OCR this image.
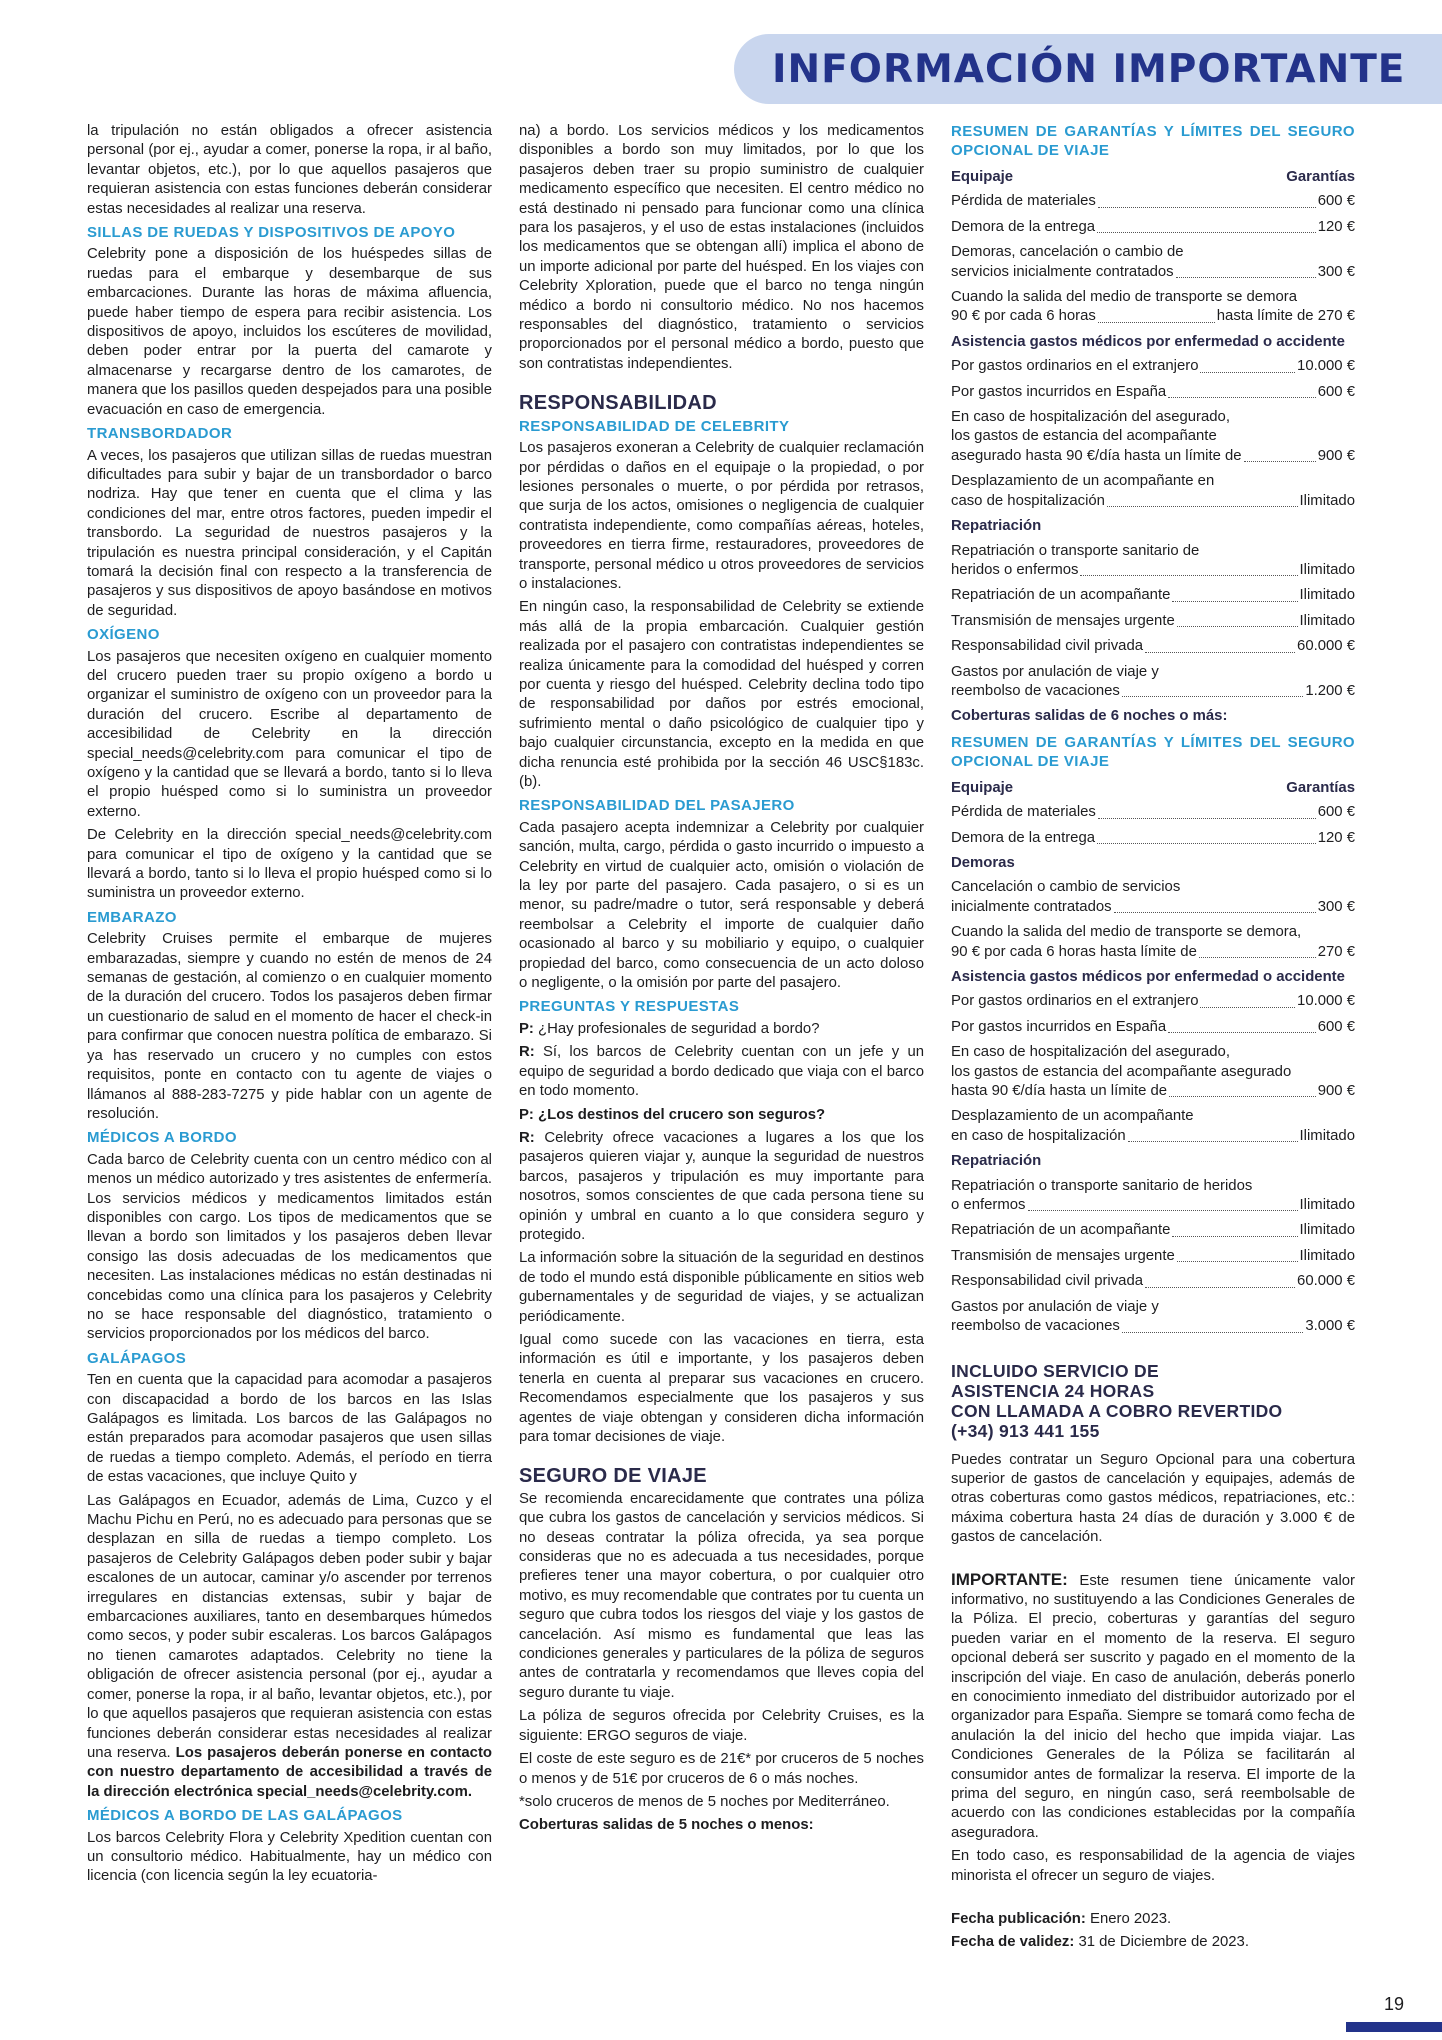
INFORMACIÓN IMPORTANTE

la tripulación no están obligados a ofrecer asistencia personal (por ej., ayudar a comer, ponerse la ropa, ir al baño, levantar objetos, etc.), por lo que aquellos pasajeros que requieran asistencia con estas funciones deberán considerar estas necesidades al realizar una reserva.

SILLAS DE RUEDAS Y DISPOSITIVOS DE APOYO

Celebrity pone a disposición de los huéspedes sillas de ruedas para el embarque y desembarque de sus embarcaciones. Durante las horas de máxima afluencia, puede haber tiempo de espera para recibir asistencia. Los dispositivos de apoyo, incluidos los escúteres de movilidad, deben poder entrar por la puerta del camarote y almacenarse y recargarse dentro de los camarotes, de manera que los pasillos queden despejados para una posible evacuación en caso de emergencia.

TRANSBORDADOR

A veces, los pasajeros que utilizan sillas de ruedas muestran dificultades para subir y bajar de un transbordador o barco nodriza. Hay que tener en cuenta que el clima y las condiciones del mar, entre otros factores, pueden impedir el transbordo. La seguridad de nuestros pasajeros y la tripulación es nuestra principal consideración, y el Capitán tomará la decisión final con respecto a la transferencia de pasajeros y sus dispositivos de apoyo basándose en motivos de seguridad.

OXÍGENO

Los pasajeros que necesiten oxígeno en cualquier momento del crucero pueden traer su propio oxígeno a bordo u organizar el suministro de oxígeno con un proveedor para la duración del crucero. Escribe al departamento de accesibilidad de Celebrity en la dirección special_needs@celebrity.com para comunicar el tipo de oxígeno y la cantidad que se llevará a bordo, tanto si lo lleva el propio huésped como si lo suministra un proveedor externo.

De Celebrity en la dirección special_needs@celebrity.com para comunicar el tipo de oxígeno y la cantidad que se llevará a bordo, tanto si lo lleva el propio huésped como si lo suministra un proveedor externo.

EMBARAZO

Celebrity Cruises permite el embarque de mujeres embarazadas, siempre y cuando no estén de menos de 24 semanas de gestación, al comienzo o en cualquier momento de la duración del crucero. Todos los pasajeros deben firmar un cuestionario de salud en el momento de hacer el check-in para confirmar que conocen nuestra política de embarazo. Si ya has reservado un crucero y no cumples con estos requisitos, ponte en contacto con tu agente de viajes o llámanos al 888-283-7275 y pide hablar con un agente de resolución.

MÉDICOS A BORDO

Cada barco de Celebrity cuenta con un centro médico con al menos un médico autorizado y tres asistentes de enfermería. Los servicios médicos y medicamentos limitados están disponibles con cargo. Los tipos de medicamentos que se llevan a bordo son limitados y los pasajeros deben llevar consigo las dosis adecuadas de los medicamentos que necesiten. Las instalaciones médicas no están destinadas ni concebidas como una clínica para los pasajeros y Celebrity no se hace responsable del diagnóstico, tratamiento o servicios proporcionados por los médicos del barco.

GALÁPAGOS

Ten en cuenta que la capacidad para acomodar a pasajeros con discapacidad a bordo de los barcos en las Islas Galápagos es limitada. Los barcos de las Galápagos no están preparados para acomodar pasajeros que usen sillas de ruedas a tiempo completo. Además, el período en tierra de estas vacaciones, que incluye Quito y

Las Galápagos en Ecuador, además de Lima, Cuzco y el Machu Pichu en Perú, no es adecuado para personas que se desplazan en silla de ruedas a tiempo completo. Los pasajeros de Celebrity Galápagos deben poder subir y bajar escalones de un autocar, caminar y/o ascender por terrenos irregulares en distancias extensas, subir y bajar de embarcaciones auxiliares, tanto en desembarques húmedos como secos, y poder subir escaleras. Los barcos Galápagos no tienen camarotes adaptados. Celebrity no tiene la obligación de ofrecer asistencia personal (por ej., ayudar a comer, ponerse la ropa, ir al baño, levantar objetos, etc.), por lo que aquellos pasajeros que requieran asistencia con estas funciones deberán considerar estas necesidades al realizar una reserva. Los pasajeros deberán ponerse en contacto con nuestro departamento de accesibilidad a través de la dirección electrónica special_needs@celebrity.com.

MÉDICOS A BORDO DE LAS GALÁPAGOS

Los barcos Celebrity Flora y Celebrity Xpedition cuentan con un consultorio médico. Habitualmente, hay un médico con licencia (con licencia según la ley ecuatoria-

na) a bordo. Los servicios médicos y los medicamentos disponibles a bordo son muy limitados, por lo que los pasajeros deben traer su propio suministro de cualquier medicamento específico que necesiten. El centro médico no está destinado ni pensado para funcionar como una clínica para los pasajeros, y el uso de estas instalaciones (incluidos los medicamentos que se obtengan allí) implica el abono de un importe adicional por parte del huésped. En los viajes con Celebrity Xploration, puede que el barco no tenga ningún médico a bordo ni consultorio médico. No nos hacemos responsables del diagnóstico, tratamiento o servicios proporcionados por el personal médico a bordo, puesto que son contratistas independientes.

RESPONSABILIDAD
RESPONSABILIDAD DE CELEBRITY

Los pasajeros exoneran a Celebrity de cualquier reclamación por pérdidas o daños en el equipaje o la propiedad, o por lesiones personales o muerte, o por pérdida por retrasos, que surja de los actos, omisiones o negligencia de cualquier contratista independiente, como compañías aéreas, hoteles, proveedores en tierra firme, restauradores, proveedores de transporte, personal médico u otros proveedores de servicios o instalaciones.

En ningún caso, la responsabilidad de Celebrity se extiende más allá de la propia embarcación. Cualquier gestión realizada por el pasajero con contratistas independientes se realiza únicamente para la comodidad del huésped y corren por cuenta y riesgo del huésped. Celebrity declina todo tipo de responsabilidad por daños por estrés emocional, sufrimiento mental o daño psicológico de cualquier tipo y bajo cualquier circunstancia, excepto en la medida en que dicha renuncia esté prohibida por la sección 46 USC§183c.(b).

RESPONSABILIDAD DEL PASAJERO

Cada pasajero acepta indemnizar a Celebrity por cualquier sanción, multa, cargo, pérdida o gasto incurrido o impuesto a Celebrity en virtud de cualquier acto, omisión o violación de la ley por parte del pasajero. Cada pasajero, o si es un menor, su padre/madre o tutor, será responsable y deberá reembolsar a Celebrity el importe de cualquier daño ocasionado al barco y su mobiliario y equipo, o cualquier propiedad del barco, como consecuencia de un acto doloso o negligente, o la omisión por parte del pasajero.

PREGUNTAS Y RESPUESTAS

P: ¿Hay profesionales de seguridad a bordo?

R: Sí, los barcos de Celebrity cuentan con un jefe y un equipo de seguridad a bordo dedicado que viaja con el barco en todo momento.

P: ¿Los destinos del crucero son seguros?

R: Celebrity ofrece vacaciones a lugares a los que los pasajeros quieren viajar y, aunque la seguridad de nuestros barcos, pasajeros y tripulación es muy importante para nosotros, somos conscientes de que cada persona tiene su opinión y umbral en cuanto a lo que considera seguro y protegido.

La información sobre la situación de la seguridad en destinos de todo el mundo está disponible públicamente en sitios web gubernamentales y de seguridad de viajes, y se actualizan periódicamente.

Igual como sucede con las vacaciones en tierra, esta información es útil e importante, y los pasajeros deben tenerla en cuenta al preparar sus vacaciones en crucero. Recomendamos especialmente que los pasajeros y sus agentes de viaje obtengan y consideren dicha información para tomar decisiones de viaje.

SEGURO DE VIAJE

Se recomienda encarecidamente que contrates una póliza que cubra los gastos de cancelación y servicios médicos. Si no deseas contratar la póliza ofrecida, ya sea porque consideras que no es adecuada a tus necesidades, porque prefieres tener una mayor cobertura, o por cualquier otro motivo, es muy recomendable que contrates por tu cuenta un seguro que cubra todos los riesgos del viaje y los gastos de cancelación. Así mismo es fundamental que leas las condiciones generales y particulares de la póliza de seguros antes de contratarla y recomendamos que lleves copia del seguro durante tu viaje.

La póliza de seguros ofrecida por Celebrity Cruises, es la siguiente: ERGO seguros de viaje.

El coste de este seguro es de 21€* por cruceros de 5 noches o menos y de 51€ por cruceros de 6 o más noches.

*solo cruceros de menos de 5 noches por Mediterráneo.

Coberturas salidas de 5 noches o menos:

RESUMEN DE GARANTÍAS Y LÍMITES DEL SEGURO OPCIONAL DE VIAJE
Equipaje	Garantías
Pérdida de materiales	600 €
Demora de la entrega	120 €
Demoras, cancelación o cambio de
servicios inicialmente contratados	300 €
Cuando la salida del medio de transporte se demora
90 € por cada 6 horas	hasta límite de 270 €
Asistencia gastos médicos por enfermedad o accidente
Por gastos ordinarios en el extranjero	10.000 €
Por gastos incurridos en España	600 €
En caso de hospitalización del asegurado,
los gastos de estancia del acompañante
asegurado hasta 90 €/día hasta un límite de	900 €
Desplazamiento de un acompañante en
caso de hospitalización	Ilimitado
Repatriación
Repatriación o transporte sanitario de
heridos o enfermos	Ilimitado
Repatriación de un acompañante	Ilimitado
Transmisión de mensajes urgente	Ilimitado
Responsabilidad civil privada	60.000 €
Gastos por anulación de viaje y
reembolso de vacaciones	1.200 €
Coberturas salidas de 6 noches o más:
RESUMEN DE GARANTÍAS Y LÍMITES DEL SEGURO OPCIONAL DE VIAJE
Equipaje	Garantías
Pérdida de materiales	600 €
Demora de la entrega	120 €
Demoras
Cancelación o cambio de servicios
inicialmente contratados	300 €
Cuando la salida del medio de transporte se demora,
90 € por cada 6 horas hasta límite de	270 €
Asistencia gastos médicos por enfermedad o accidente
Por gastos ordinarios en el extranjero	10.000 €
Por gastos incurridos en España	600 €
En caso de hospitalización del asegurado,
los gastos de estancia del acompañante asegurado
hasta 90 €/día hasta un límite de	900 €
Desplazamiento de un acompañante
en caso de hospitalización	Ilimitado
Repatriación
Repatriación o transporte sanitario de heridos
o enfermos	Ilimitado
Repatriación de un acompañante	Ilimitado
Transmisión de mensajes urgente	Ilimitado
Responsabilidad civil privada	60.000 €
Gastos por anulación de viaje y
reembolso de vacaciones	3.000 €
INCLUIDO SERVICIO DE
ASISTENCIA 24 HORAS
CON LLAMADA A COBRO REVERTIDO
(+34) 913 441 155

Puedes contratar un Seguro Opcional para una cobertura superior de gastos de cancelación y equipajes, además de otras coberturas como gastos médicos, repatriaciones, etc.: máxima cobertura hasta 24 días de duración y 3.000 € de gastos de cancelación.

IMPORTANTE: Este resumen tiene únicamente valor informativo, no sustituyendo a las Condiciones Generales de la Póliza. El precio, coberturas y garantías del seguro pueden variar en el momento de la reserva. El seguro opcional deberá ser suscrito y pagado en el momento de la inscripción del viaje. En caso de anulación, deberás ponerlo en conocimiento inmediato del distribuidor autorizado por el organizador para España. Siempre se tomará como fecha de anulación la del inicio del hecho que impida viajar. Las Condiciones Generales de la Póliza se facilitarán al consumidor antes de formalizar la reserva. El importe de la prima del seguro, en ningún caso, será reembolsable de acuerdo con las condiciones establecidas por la compañía aseguradora.

En todo caso, es responsabilidad de la agencia de viajes minorista el ofrecer un seguro de viajes.

Fecha publicación: Enero 2023.

Fecha de validez: 31 de Diciembre de 2023.

19
